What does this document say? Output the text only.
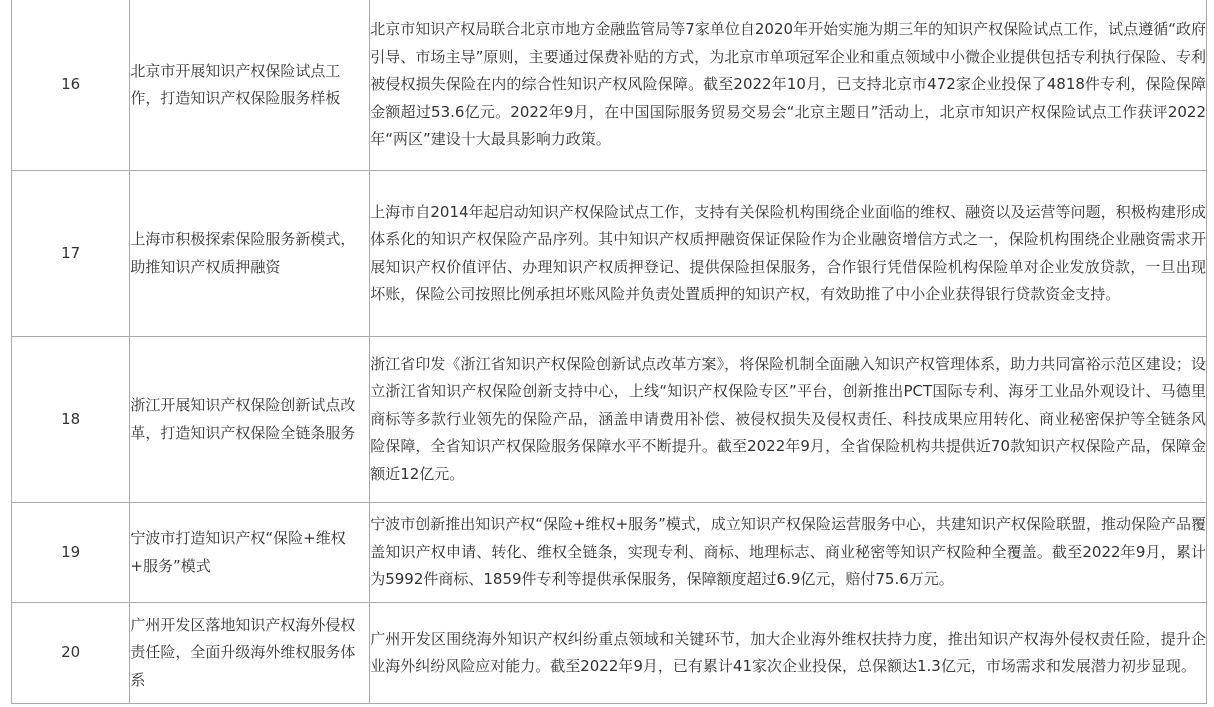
16	北京市开展知识产权保险试点工作，打造知识产权保险服务样板	北京市知识产权局联合北京市地方金融监管局等7家单位自2020年开始实施为期三年的知识产权保险试点工作，试点遵循“政府引导、市场主导”原则，主要通过保费补贴的方式，为北京市单项冠军企业和重点领域中小微企业提供包括专利执行保险、专利被侵权损失保险在内的综合性知识产权风险保障。截至2022年10月，已支持北京市472家企业投保了4818件专利，保险保障金额超过53.6亿元。2022年9月，在中国国际服务贸易交易会“北京主题日”活动上，北京市知识产权保险试点工作获评2022年“两区”建设十大最具影响力政策。

17	上海市积极探索保险服务新模式，助推知识产权质押融资	上海市自2014年起启动知识产权保险试点工作，支持有关保险机构围绕企业面临的维权、融资以及运营等问题，积极构建形成体系化的知识产权保险产品序列。其中知识产权质押融资保证保险作为企业融资增信方式之一，保险机构围绕企业融资需求开展知识产权价值评估、办理知识产权质押登记、提供保险担保服务，合作银行凭借保险机构保险单对企业发放贷款，一旦出现坏账，保险公司按照比例承担坏账风险并负责处置质押的知识产权，有效助推了中小企业获得银行贷款资金支持。

18	浙江开展知识产权保险创新试点改革，打造知识产权保险全链条服务	浙江省印发《浙江省知识产权保险创新试点改革方案》，将保险机制全面融入知识产权管理体系，助力共同富裕示范区建设；设立浙江省知识产权保险创新支持中心，上线“知识产权保险专区”平台，创新推出PCT国际专利、海牙工业品外观设计、马德里商标等多款行业领先的保险产品，涵盖申请费用补偿、被侵权损失及侵权责任、科技成果应用转化、商业秘密保护等全链条风险保障，全省知识产权保险服务保障水平不断提升。截至2022年9月，全省保险机构共提供近70款知识产权保险产品，保障金额近12亿元。

19	宁波市打造知识产权“保险+维权+服务”模式	宁波市创新推出知识产权“保险+维权+服务”模式，成立知识产权保险运营服务中心，共建知识产权保险联盟，推动保险产品覆盖知识产权申请、转化、维权全链条，实现专利、商标、地理标志、商业秘密等知识产权险种全覆盖。截至2022年9月，累计为5992件商标、1859件专利等提供承保服务，保障额度超过6.9亿元，赔付75.6万元。

20	广州开发区落地知识产权海外侵权责任险，全面升级海外维权服务体系	广州开发区围绕海外知识产权纠纷重点领域和关键环节，加大企业海外维权扶持力度，推出知识产权海外侵权责任险，提升企业海外纠纷风险应对能力。截至2022年9月，已有累计41家次企业投保，总保额达1.3亿元，市场需求和发展潜力初步显现。
